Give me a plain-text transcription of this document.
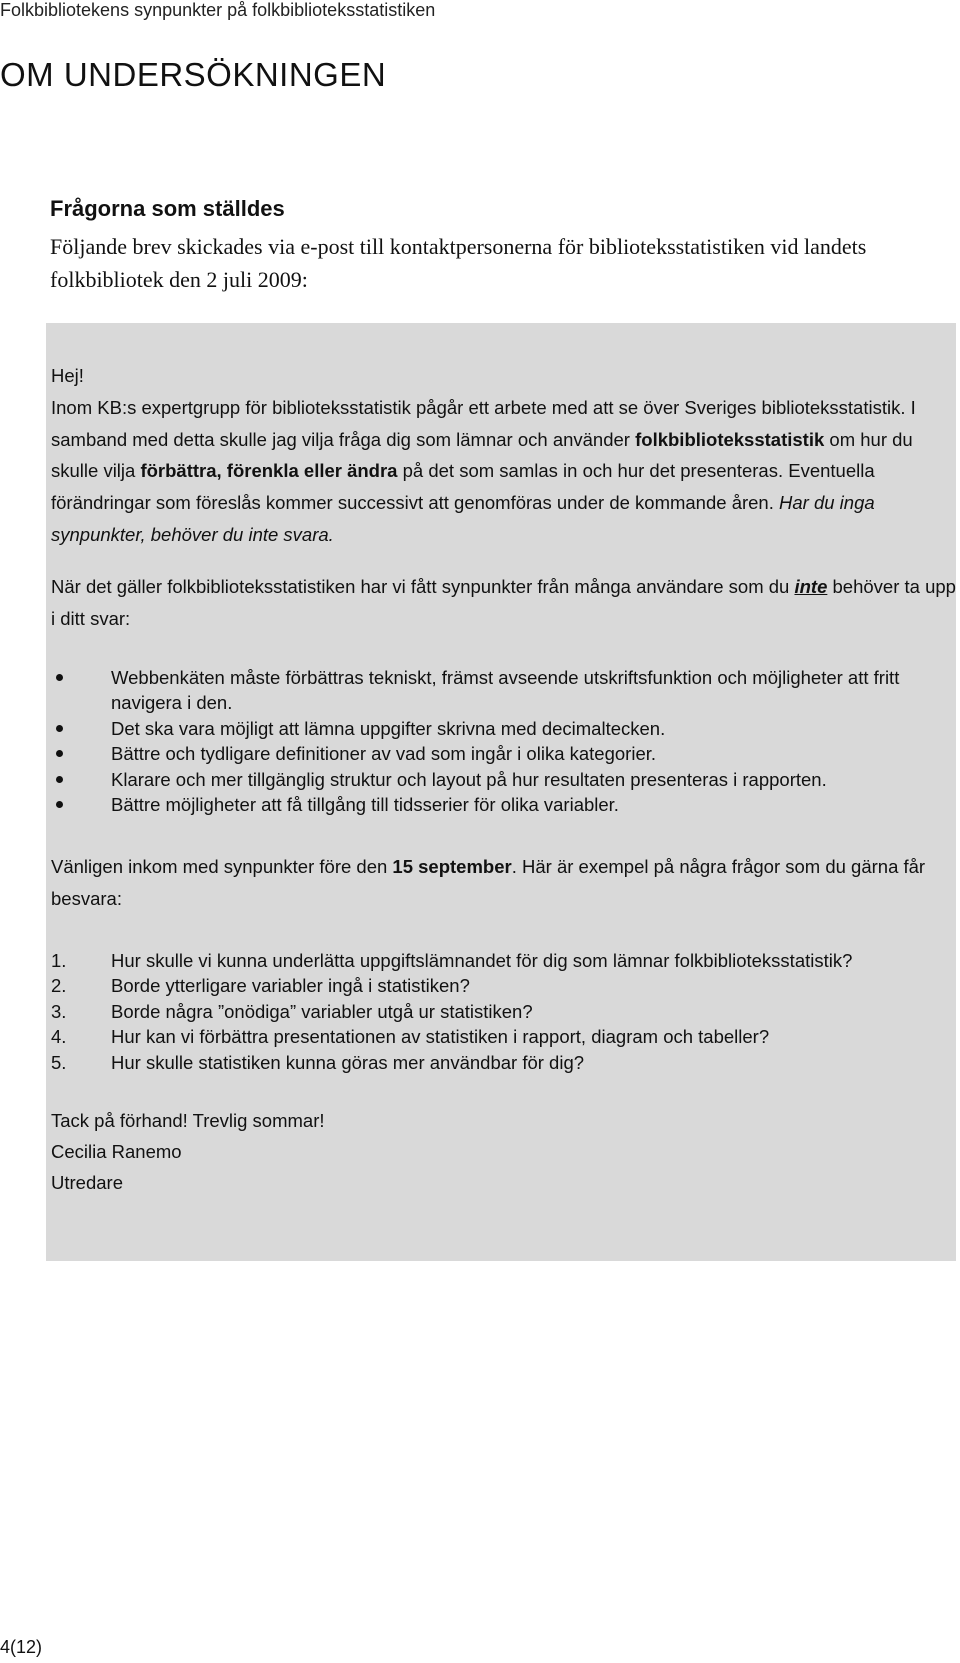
Folkbibliotekens synpunkter på folkbiblioteksstatistiken
OM UNDERSÖKNINGEN
Frågorna som ställdes

Följande brev skickades via e-post till kontaktpersonerna för biblioteksstatistiken vid landets folkbibliotek den 2 juli 2009:

Hej!

Inom KB:s expertgrupp för biblioteksstatistik pågår ett arbete med att se över Sveriges biblioteksstatistik. I samband med detta skulle jag vilja fråga dig som lämnar och använder folkbiblioteksstatistik om hur du skulle vilja förbättra, förenkla eller ändra på det som samlas in och hur det presenteras. Eventuella förändringar som föreslås kommer successivt att genomföras under de kommande åren. Har du inga synpunkter, behöver du inte svara.

När det gäller folkbiblioteksstatistiken har vi fått synpunkter från många användare som du inte behöver ta upp i ditt svar:

Webbenkäten måste förbättras tekniskt, främst avseende utskriftsfunktion och möjligheter att fritt navigera i den.
Det ska vara möjligt att lämna uppgifter skrivna med decimaltecken.
Bättre och tydligare definitioner av vad som ingår i olika kategorier.
Klarare och mer tillgänglig struktur och layout på hur resultaten presenteras i rapporten.
Bättre möjligheter att få tillgång till tidsserier för olika variabler.

Vänligen inkom med synpunkter före den 15 september. Här är exempel på några frågor som du gärna får besvara:

1. Hur skulle vi kunna underlätta uppgiftslämnandet för dig som lämnar folkbiblioteksstatistik?
2. Borde ytterligare variabler ingå i statistiken?
3. Borde några ”onödiga” variabler utgå ur statistiken?
4. Hur kan vi förbättra presentationen av statistiken i rapport, diagram och tabeller?
5. Hur skulle statistiken kunna göras mer användbar för dig?

Tack på förhand! Trevlig sommar!

Cecilia Ranemo

Utredare

4(12)
